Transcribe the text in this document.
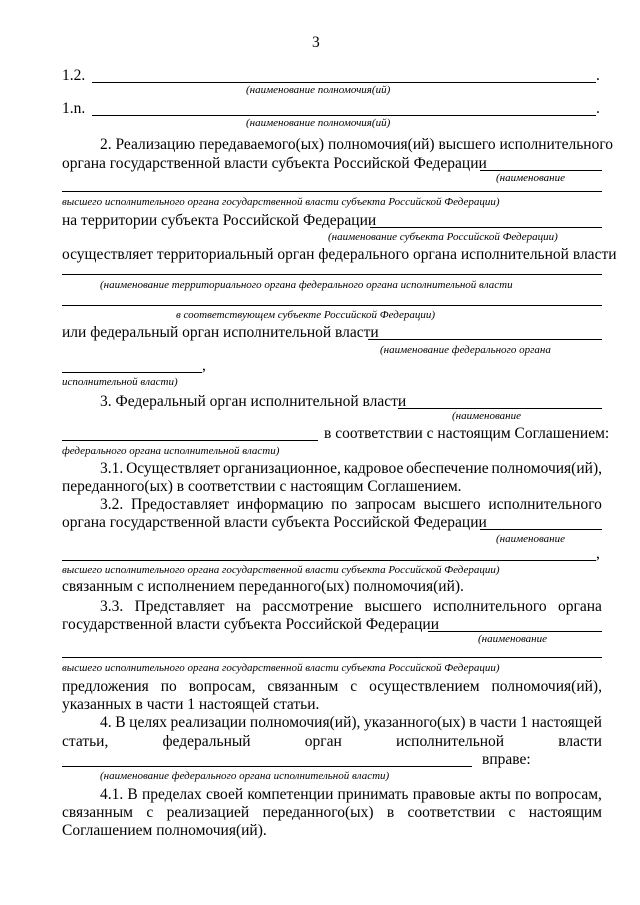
3
1.2.	.
(наименование полномочия(ий)
1.n.	.
(наименование полномочия(ий)
2. Реализацию передаваемого(ых) полномочия(ий) высшего исполнительного
органа государственной власти субъекта Российской Федерации
(наименование
высшего исполнительного органа государственной власти субъекта Российской Федерации)
на территории субъекта Российской Федерации
(наименование субъекта Российской Федерации)
осуществляет территориальный орган федерального органа исполнительной власти
(наименование территориального органа федерального органа исполнительной власти
в соответствующем субъекте Российской Федерации)
или федеральный орган исполнительной власти
(наименование федерального органа
,
исполнительной власти)
3. Федеральный орган исполнительной власти
(наименование
в соответствии с настоящим Соглашением:
федерального органа исполнительной власти)
3.1. Осуществляет организационное, кадровое обеспечение полномочия(ий),
переданного(ых) в соответствии с настоящим Соглашением.
3.2. Предоставляет информацию по запросам высшего исполнительного
органа государственной власти субъекта Российской Федерации
(наименование
,
высшего исполнительного органа государственной власти субъекта Российской Федерации)
связанным с исполнением переданного(ых) полномочия(ий).
3.3. Представляет на рассмотрение высшего исполнительного органа
государственной власти субъекта Российской Федерации
(наименование
высшего исполнительного органа государственной власти субъекта Российской Федерации)
предложения по вопросам, связанным с осуществлением полномочия(ий),
указанных в части 1 настоящей статьи.
4. В целях реализации полномочия(ий), указанного(ых) в части 1 настоящей
статьи,	федеральный	орган	исполнительной	власти
вправе:
(наименование федерального органа исполнительной власти)
4.1. В пределах своей компетенции принимать правовые акты по вопросам,
связанным с реализацией переданного(ых) в соответствии с настоящим
Соглашением полномочия(ий).
